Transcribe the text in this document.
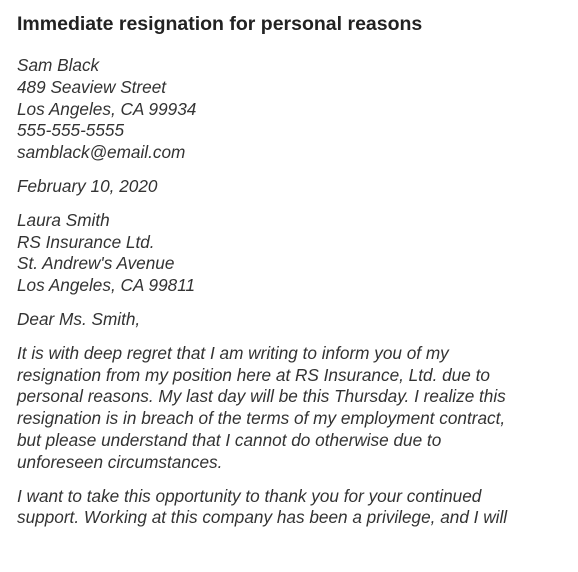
Immediate resignation for personal reasons
Sam Black
489 Seaview Street
Los Angeles, CA 99934
555-555-5555
samblack@email.com
February 10, 2020
Laura Smith
RS Insurance Ltd.
St. Andrew's Avenue
Los Angeles, CA 99811
Dear Ms. Smith,
It is with deep regret that I am writing to inform you of my
resignation from my position here at RS Insurance, Ltd. due to
personal reasons. My last day will be this Thursday. I realize this
resignation is in breach of the terms of my employment contract,
but please understand that I cannot do otherwise due to
unforeseen circumstances.
I want to take this opportunity to thank you for your continued
support. Working at this company has been a privilege, and I will
